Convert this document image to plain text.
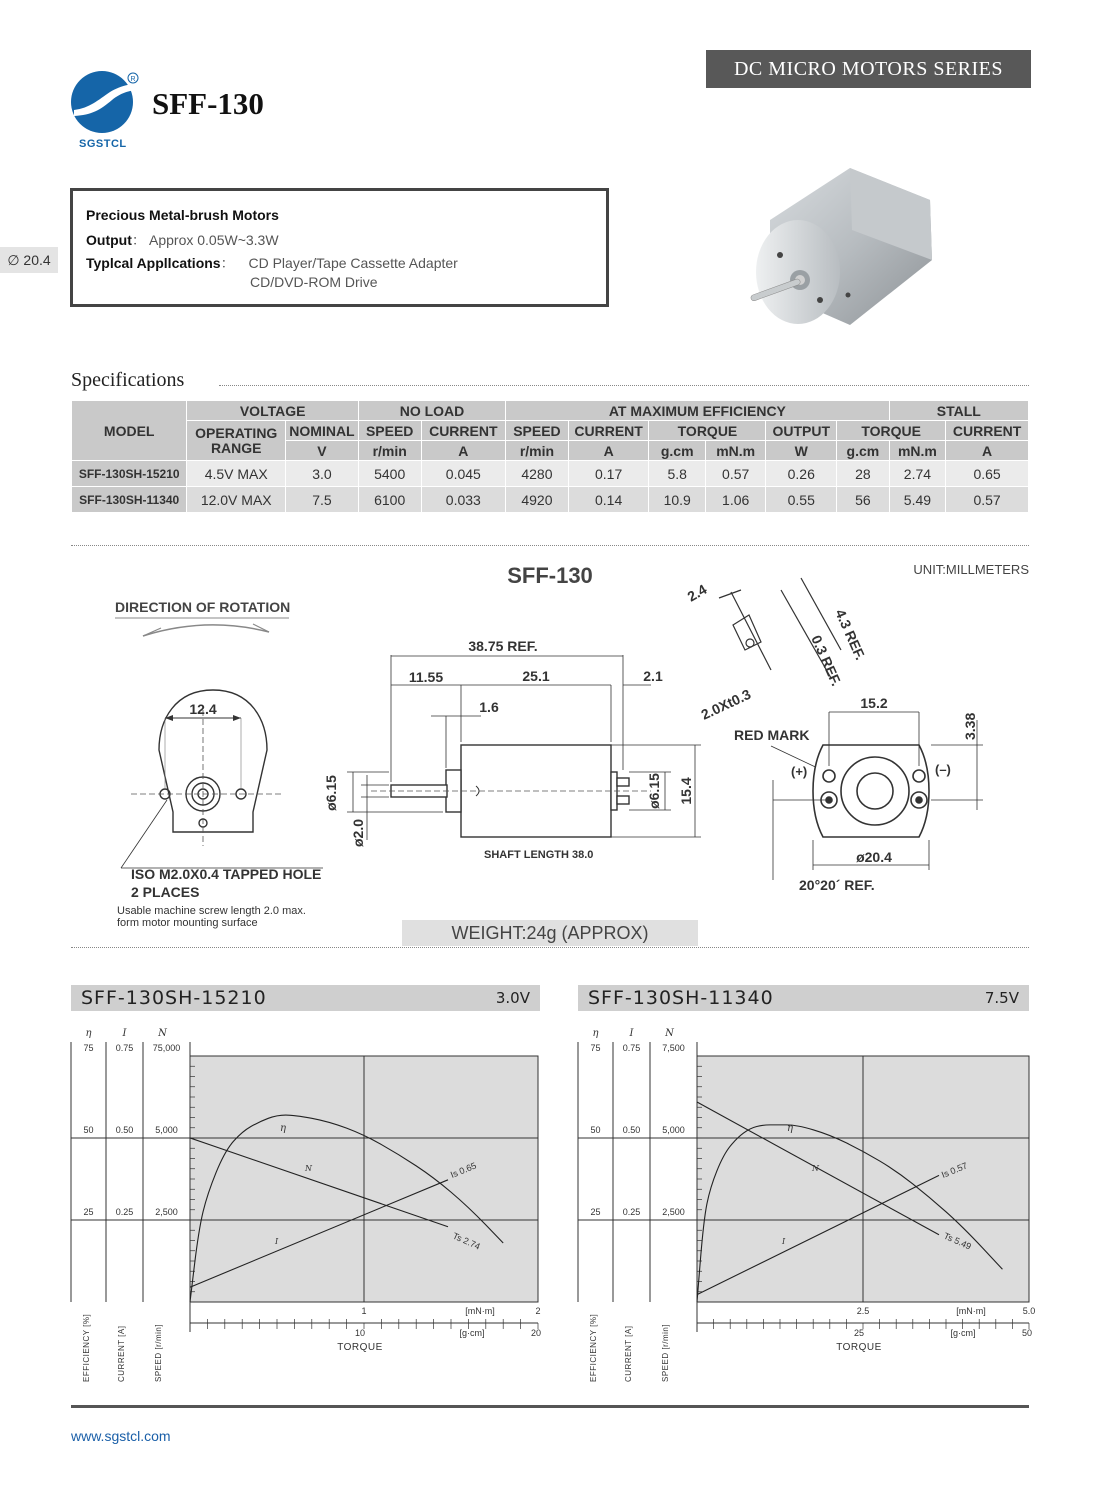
DC MICRO MOTORS SERIES
R
SFF-130
SGSTCL
∅ 20.4
Precious Metal-brush Motors
Output： Approx 0.05W~3.3W
Typlcal Appllcations： CD Player/Tape Cassette Adapter
CD/DVD-ROM Drive
Specifications
MODEL	VOLTAGE		NO LOAD		AT MAXIMUM EFFICIENCY						STALL	
	OPERATING
RANGE	NOMINAL	SPEED	CURRENT	SPEED	CURRENT	TORQUE		OUTPUT	TORQUE		CURRENT
		V	r/min	A	r/min	A	g.cm	mN.m	W	g.cm	mN.m	A
SFF-130SH-15210	4.5V MAX	3.0	5400	0.045	4280	0.17	5.8	0.57	0.26	28	2.74	0.65
SFF-130SH-11340	12.0V MAX	7.5	6100	0.033	4920	0.14	10.9	1.06	0.55	56	5.49	0.57
SFF-130	UNIT:MILLMETERS
DIRECTION OF ROTATION
12.4
ISO M2.0X0.4 TAPPED HOLE
2 PLACES
Usable machine screw length 2.0 max.
form motor mounting surface
38.75 REF.
11.55	25.1	2.1
1.6
ø6.15
ø2.0
ø6.15 15.4
SHAFT LENGTH 38.0
2.4
4.3 REF.
0.3 REF.
2.0Xt0.3
RED MARK
(+)	(–)
15.2
3.38
ø20.4
20°20´ REF.
WEIGHT:24g (APPROX)
SFF-130SH-15210	3.0V	SFF-130SH-11340	7.5V
η
75
50
25
EFFICIENCY [%]
I
0.75
0.50
0.25
CURRENT [A]
N
75,000
5,000
2,500
SPEED [r/min]
1	2
10	20
[mN·m]
[g·cm]
TORQUE
η
N
I
Is 0.65
Ts 2.74
η
75
50
25
EFFICIENCY [%]
I
0.75
0.50
0.25
CURRENT [A]
N
7,500
5,000
2,500
SPEED [r/min]
2.5	5.0
25	50
[mN·m]
[g·cm]
TORQUE
η
N
I
Is 0.57
Ts 5.49
www.sgstcl.com
